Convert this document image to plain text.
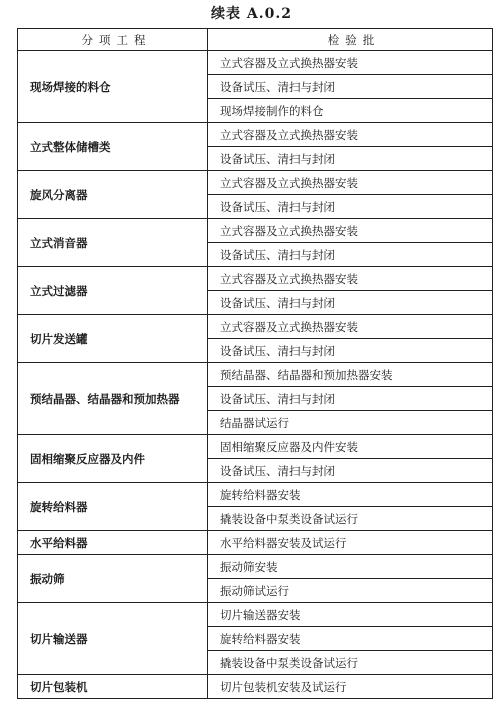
续表 A.0.2
分项工程	检验批
现场焊接的料仓	立式容器及立式换热器安装
	设备试压、清扫与封闭
	现场焊接制作的料仓
立式整体储槽类	立式容器及立式换热器安装
	设备试压、清扫与封闭
旋风分离器	立式容器及立式换热器安装
	设备试压、清扫与封闭
立式消音器	立式容器及立式换热器安装
	设备试压、清扫与封闭
立式过滤器	立式容器及立式换热器安装
	设备试压、清扫与封闭
切片发送罐	立式容器及立式换热器安装
	设备试压、清扫与封闭
预结晶器、结晶器和预加热器	预结晶器、结晶器和预加热器安装
	设备试压、清扫与封闭
	结晶器试运行
固相缩聚反应器及内件	固相缩聚反应器及内件安装
	设备试压、清扫与封闭
旋转给料器	旋转给料器安装
	撬装设备中泵类设备试运行
水平给料器	水平给料器安装及试运行
振动筛	振动筛安装
	振动筛试运行
切片输送器	切片输送器安装
	旋转给料器安装
	撬装设备中泵类设备试运行
切片包装机	切片包装机安装及试运行
